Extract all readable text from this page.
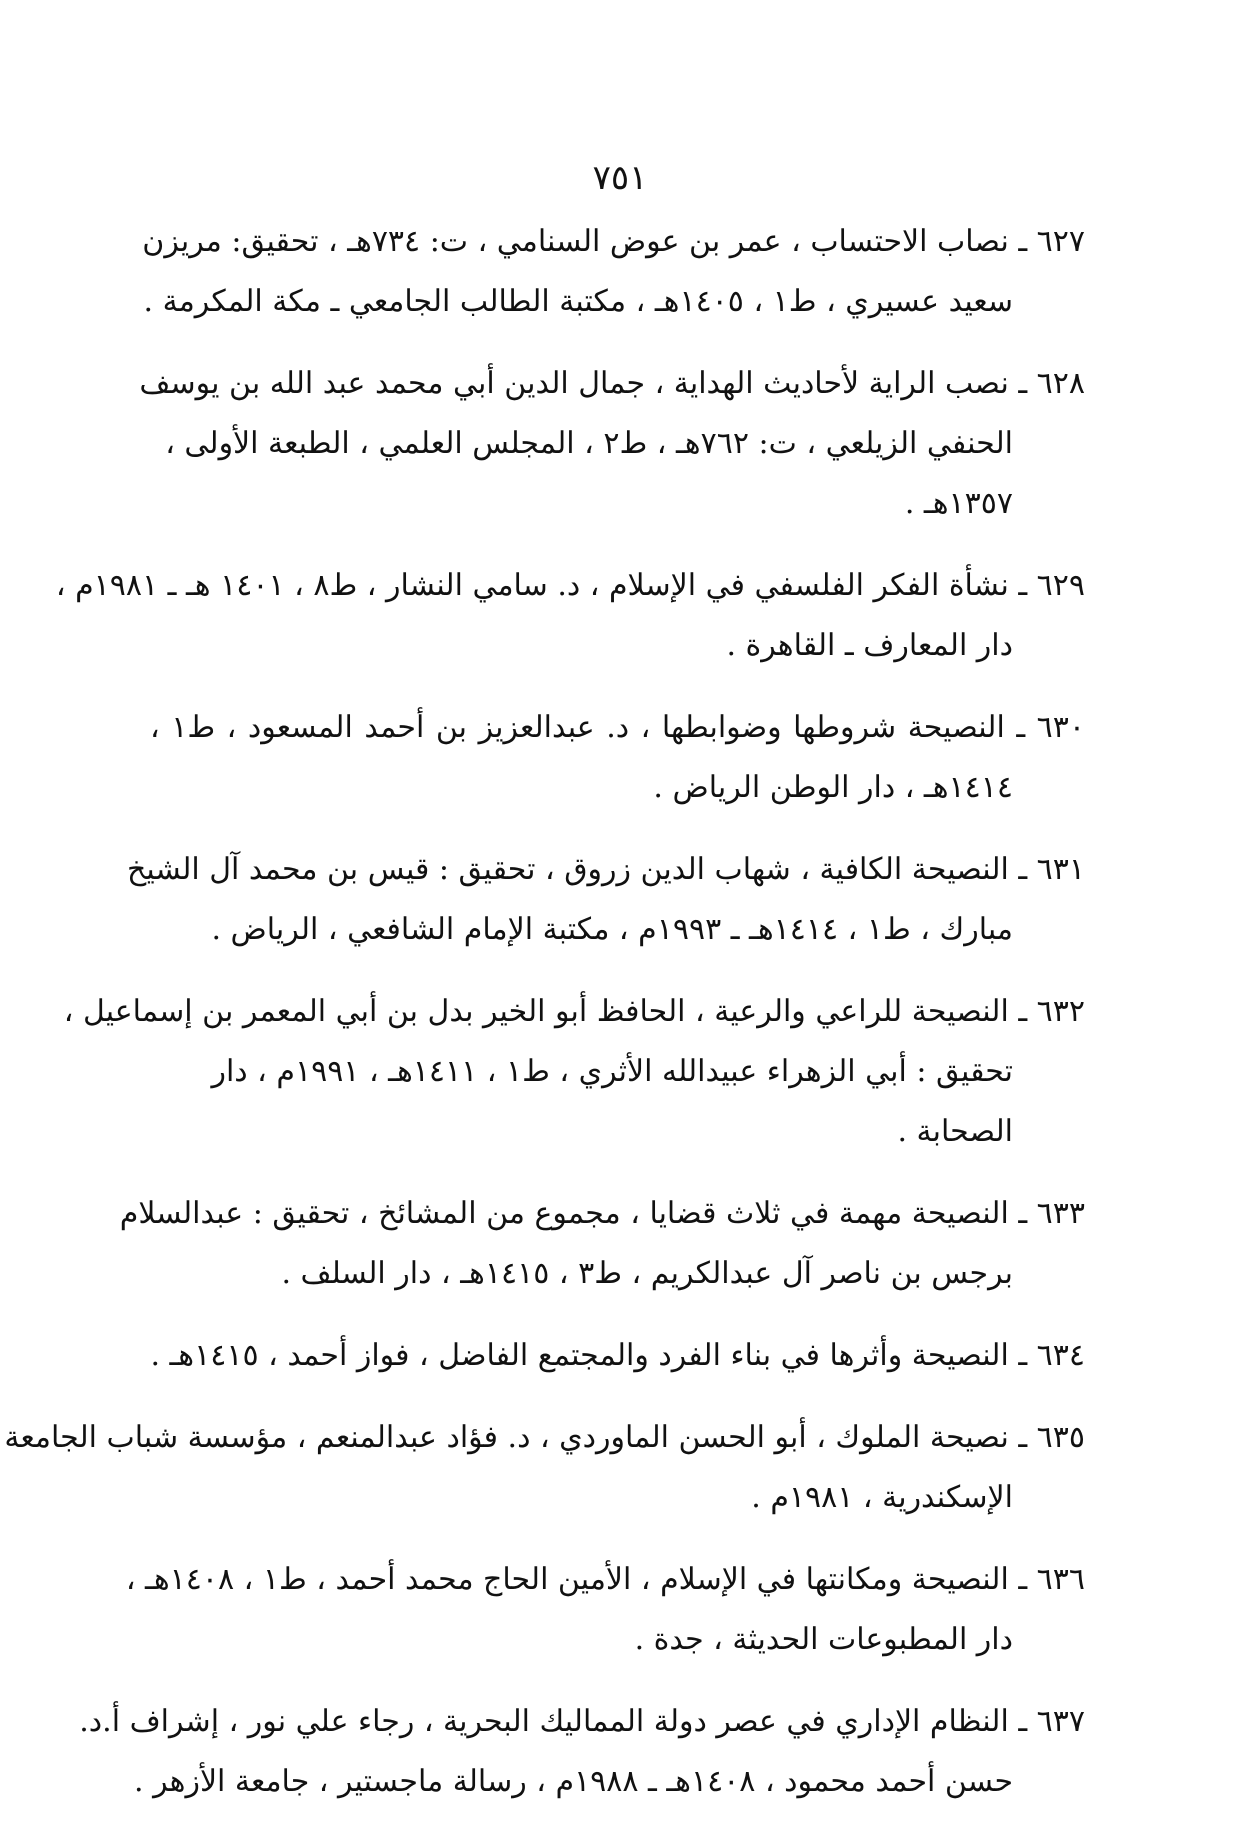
٧٥١
٦٢٧ ـ نصاب الاحتساب ، عمر بن عوض السنامي ، ت: ٧٣٤هـ ، تحقيق: مريزن
سعيد عسيري ، ط١ ، ١٤٠٥هـ ، مكتبة الطالب الجامعي ـ مكة المكرمة .
٦٢٨ ـ نصب الراية لأحاديث الهداية ، جمال الدين أبي محمد عبد الله بن يوسف
الحنفي الزيلعي ، ت: ٧٦٢هـ ، ط٢ ، المجلس العلمي ، الطبعة الأولى ،
١٣٥٧هـ .
٦٢٩ ـ نشأة الفكر الفلسفي في الإسلام ، د. سامي النشار ، ط٨ ، ١٤٠١ هـ ـ ١٩٨١م ،
دار المعارف ـ القاهرة .
٦٣٠ ـ النصيحة شروطها وضوابطها ، د. عبدالعزيز بن أحمد المسعود ، ط١ ،
١٤١٤هـ ، دار الوطن الرياض .
٦٣١ ـ النصيحة الكافية ، شهاب الدين زروق ، تحقيق : قيس بن محمد آل الشيخ
مبارك ، ط١ ، ١٤١٤هـ ـ ١٩٩٣م ، مكتبة الإمام الشافعي ، الرياض .
٦٣٢ ـ النصيحة للراعي والرعية ، الحافظ أبو الخير بدل بن أبي المعمر بن إسماعيل ،
تحقيق : أبي الزهراء عبيدالله الأثري ، ط١ ، ١٤١١هـ ، ١٩٩١م ، دار
الصحابة .
٦٣٣ ـ النصيحة مهمة في ثلاث قضايا ، مجموع من المشائخ ، تحقيق : عبدالسلام
برجس بن ناصر آل عبدالكريم ، ط٣ ، ١٤١٥هـ ، دار السلف .
٦٣٤ ـ النصيحة وأثرها في بناء الفرد والمجتمع الفاضل ، فواز أحمد ، ١٤١٥هـ .
٦٣٥ ـ نصيحة الملوك ، أبو الحسن الماوردي ، د. فؤاد عبدالمنعم ، مؤسسة شباب الجامعة
الإسكندرية ، ١٩٨١م .
٦٣٦ ـ النصيحة ومكانتها في الإسلام ، الأمين الحاج محمد أحمد ، ط١ ، ١٤٠٨هـ ،
دار المطبوعات الحديثة ، جدة .
٦٣٧ ـ النظام الإداري في عصر دولة المماليك البحرية ، رجاء علي نور ، إشراف أ.د.
حسن أحمد محمود ، ١٤٠٨هـ ـ ١٩٨٨م ، رسالة ماجستير ، جامعة الأزهر .
